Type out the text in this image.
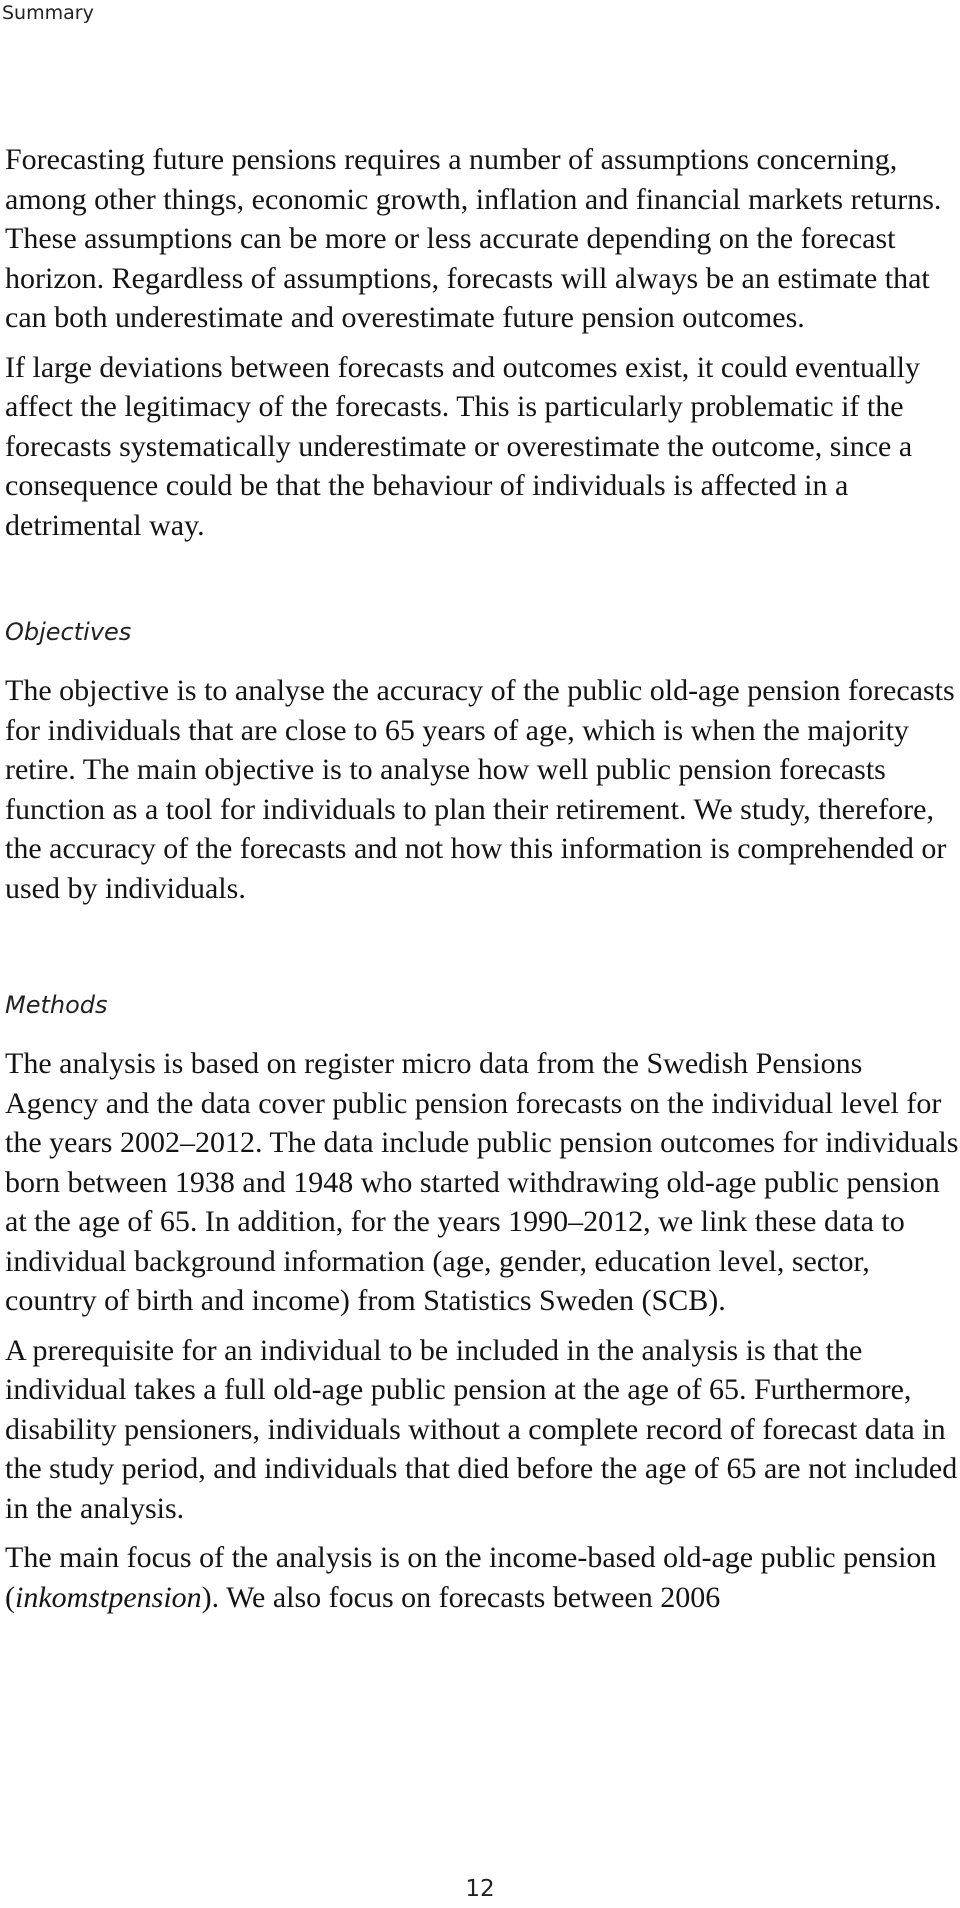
Summary

Forecasting future pensions requires a number of assumptions concerning, among other things, economic growth, inflation and financial markets returns. These assumptions can be more or less accurate depending on the forecast horizon. Regardless of assumptions, forecasts will always be an estimate that can both underestimate and overestimate future pension outcomes.

If large deviations between forecasts and outcomes exist, it could eventually affect the legitimacy of the forecasts. This is particularly problematic if the forecasts systematically underestimate or overestimate the outcome, since a consequence could be that the behaviour of individuals is affected in a detrimental way.

Objectives

The objective is to analyse the accuracy of the public old-age pension forecasts for individuals that are close to 65 years of age, which is when the majority retire. The main objective is to analyse how well public pension forecasts function as a tool for individuals to plan their retirement. We study, therefore, the accuracy of the forecasts and not how this information is comprehended or used by individuals.

Methods

The analysis is based on register micro data from the Swedish Pensions Agency and the data cover public pension forecasts on the individual level for the years 2002–2012. The data include public pension outcomes for individuals born between 1938 and 1948 who started withdrawing old-age public pension at the age of 65. In addition, for the years 1990–2012, we link these data to individual background information (age, gender, education level, sector, country of birth and income) from Statistics Sweden (SCB).

A prerequisite for an individual to be included in the analysis is that the individual takes a full old-age public pension at the age of 65. Furthermore, disability pensioners, individuals without a complete record of forecast data in the study period, and individuals that died before the age of 65 are not included in the analysis.

The main focus of the analysis is on the income-based old-age public pension (inkomstpension). We also focus on forecasts between 2006

12
